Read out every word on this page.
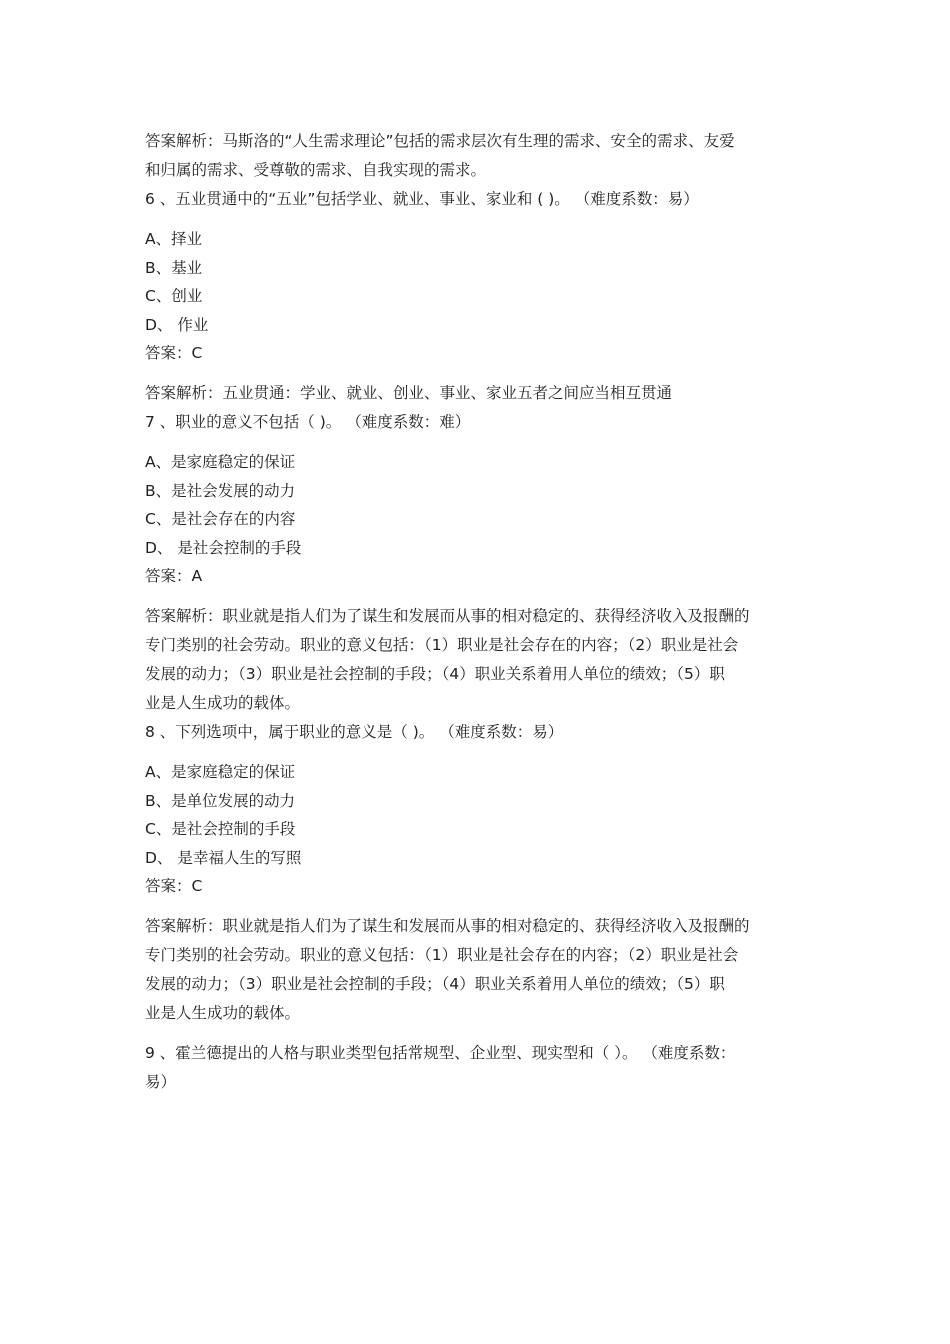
答案解析：马斯洛的“人生需求理论”包括的需求层次有生理的需求、安全的需求、友爱

和归属的需求、受尊敬的需求、自我实现的需求。

6 、五业贯通中的“五业”包括学业、就业、事业、家业和 ( )。 （难度系数：易）

A、择业

B、基业

C、创业

D、 作业

答案：C

答案解析：五业贯通：学业、就业、创业、事业、家业五者之间应当相互贯通

7 、职业的意义不包括（ )。 （难度系数：难）

A、是家庭稳定的保证

B、是社会发展的动力

C、是社会存在的内容

D、 是社会控制的手段

答案：A

答案解析：职业就是指人们为了谋生和发展而从事的相对稳定的、获得经济收入及报酬的

专门类别的社会劳动。职业的意义包括：（1）职业是社会存在的内容；（2）职业是社会

发展的动力；（3）职业是社会控制的手段；（4）职业关系着用人单位的绩效；（5）职

业是人生成功的载体。

8 、下列选项中，属于职业的意义是（ )。 （难度系数：易）

A、是家庭稳定的保证

B、是单位发展的动力

C、是社会控制的手段

D、 是幸福人生的写照

答案：C

答案解析：职业就是指人们为了谋生和发展而从事的相对稳定的、获得经济收入及报酬的

专门类别的社会劳动。职业的意义包括：（1）职业是社会存在的内容；（2）职业是社会

发展的动力；（3）职业是社会控制的手段；（4）职业关系着用人单位的绩效；（5）职

业是人生成功的载体。

9 、霍兰德提出的人格与职业类型包括常规型、企业型、现实型和（ ）。 （难度系数：

易）
